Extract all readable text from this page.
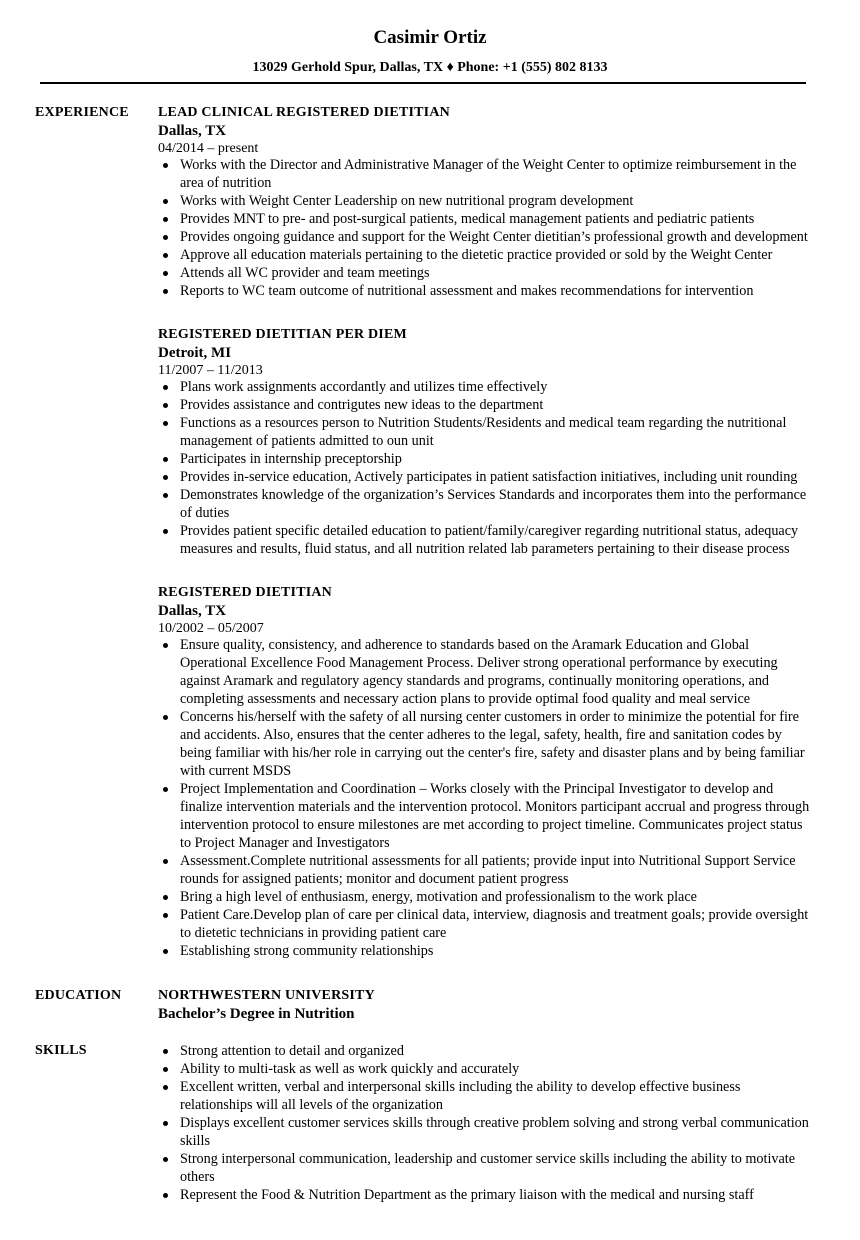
Casimir Ortiz
13029 Gerhold Spur, Dallas, TX ♦ Phone: +1 (555) 802 8133
EXPERIENCE LEAD CLINICAL REGISTERED DIETITIAN
Dallas, TX
04/2014 – present
Works with the Director and Administrative Manager of the Weight Center to optimize reimbursement in the area of nutrition
Works with Weight Center Leadership on new nutritional program development
Provides MNT to pre- and post-surgical patients, medical management patients and pediatric patients
Provides ongoing guidance and support for the Weight Center dietitian’s professional growth and development
Approve all education materials pertaining to the dietetic practice provided or sold by the Weight Center
Attends all WC provider and team meetings
Reports to WC team outcome of nutritional assessment and makes recommendations for intervention
REGISTERED DIETITIAN PER DIEM
Detroit, MI
11/2007 – 11/2013
Plans work assignments accordantly and utilizes time effectively
Provides assistance and contrigutes new ideas to the department
Functions as a resources person to Nutrition Students/Residents and medical team regarding the nutritional management of patients admitted to oun unit
Participates in internship preceptorship
Provides in-service education, Actively participates in patient satisfaction initiatives, including unit rounding
Demonstrates knowledge of the organization’s Services Standards and incorporates them into the performance of duties
Provides patient specific detailed education to patient/family/caregiver regarding nutritional status, adequacy measures and results, fluid status, and all nutrition related lab parameters pertaining to their disease process
REGISTERED DIETITIAN
Dallas, TX
10/2002 – 05/2007
Ensure quality, consistency, and adherence to standards based on the Aramark Education and Global Operational Excellence Food Management Process. Deliver strong operational performance by executing against Aramark and regulatory agency standards and programs, continually monitoring operations, and completing assessments and necessary action plans to provide optimal food quality and meal service
Concerns his/herself with the safety of all nursing center customers in order to minimize the potential for fire and accidents. Also, ensures that the center adheres to the legal, safety, health, fire and sanitation codes by being familiar with his/her role in carrying out the center's fire, safety and disaster plans and by being familiar with current MSDS
Project Implementation and Coordination – Works closely with the Principal Investigator to develop and finalize intervention materials and the intervention protocol. Monitors participant accrual and progress through intervention protocol to ensure milestones are met according to project timeline. Communicates project status to Project Manager and Investigators
Assessment.Complete nutritional assessments for all patients; provide input into Nutritional Support Service rounds for assigned patients; monitor and document patient progress
Bring a high level of enthusiasm, energy, motivation and professionalism to the work place
Patient Care.Develop plan of care per clinical data, interview, diagnosis and treatment goals; provide oversight to dietetic technicians in providing patient care
Establishing strong community relationships
EDUCATION	NORTHWESTERN UNIVERSITY
Bachelor’s Degree in Nutrition
SKILLS	Strong attention to detail and organized
Ability to multi-task as well as work quickly and accurately
Excellent written, verbal and interpersonal skills including the ability to develop effective business relationships will all levels of the organization
Displays excellent customer services skills through creative problem solving and strong verbal communication skills
Strong interpersonal communication, leadership and customer service skills including the ability to motivate others
Represent the Food & Nutrition Department as the primary liaison with the medical and nursing staff
